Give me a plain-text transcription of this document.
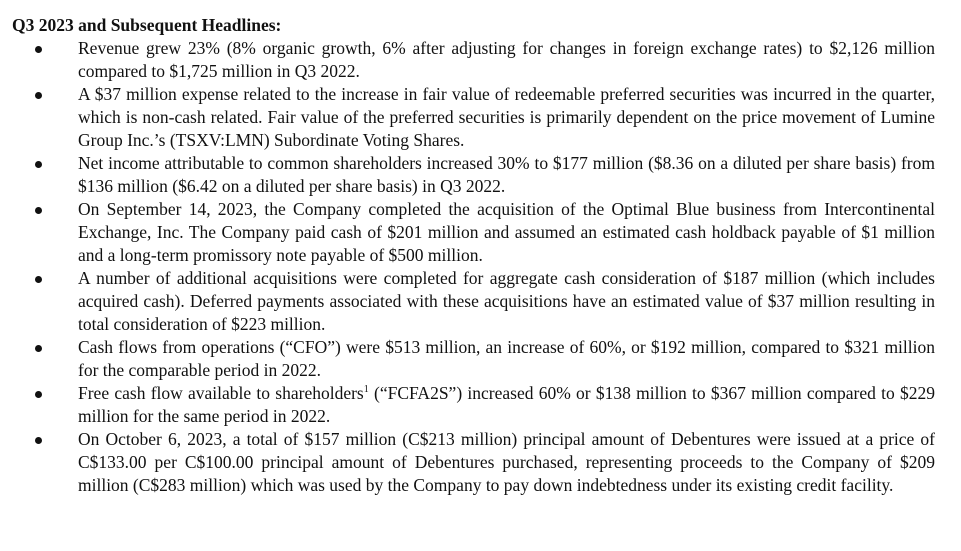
Q3 2023 and Subsequent Headlines:
Revenue grew 23% (8% organic growth, 6% after adjusting for changes in foreign exchange rates) to $2,126 million compared to $1,725 million in Q3 2022.
A $37 million expense related to the increase in fair value of redeemable preferred securities was incurred in the quarter, which is non-cash related. Fair value of the preferred securities is primarily dependent on the price movement of Lumine Group Inc.’s (TSXV:LMN) Subordinate Voting Shares.
Net income attributable to common shareholders increased 30% to $177 million ($8.36 on a diluted per share basis) from $136 million ($6.42 on a diluted per share basis) in Q3 2022.
On September 14, 2023, the Company completed the acquisition of the Optimal Blue business from Intercontinental Exchange, Inc. The Company paid cash of $201 million and assumed an estimated cash holdback payable of $1 million and a long-term promissory note payable of $500 million.
A number of additional acquisitions were completed for aggregate cash consideration of $187 million (which includes acquired cash). Deferred payments associated with these acquisitions have an estimated value of $37 million resulting in total consideration of $223 million.
Cash flows from operations (“CFO”) were $513 million, an increase of 60%, or $192 million, compared to $321 million for the comparable period in 2022.
Free cash flow available to shareholders$^1$ (“FCFA2S”) increased 60% or $138 million to $367 million compared to $229 million for the same period in 2022.
On October 6, 2023, a total of $157 million (C$213 million) principal amount of Debentures were issued at a price of C$133.00 per C$100.00 principal amount of Debentures purchased, representing proceeds to the Company of $209 million (C$283 million) which was used by the Company to pay down indebtedness under its existing credit facility.
